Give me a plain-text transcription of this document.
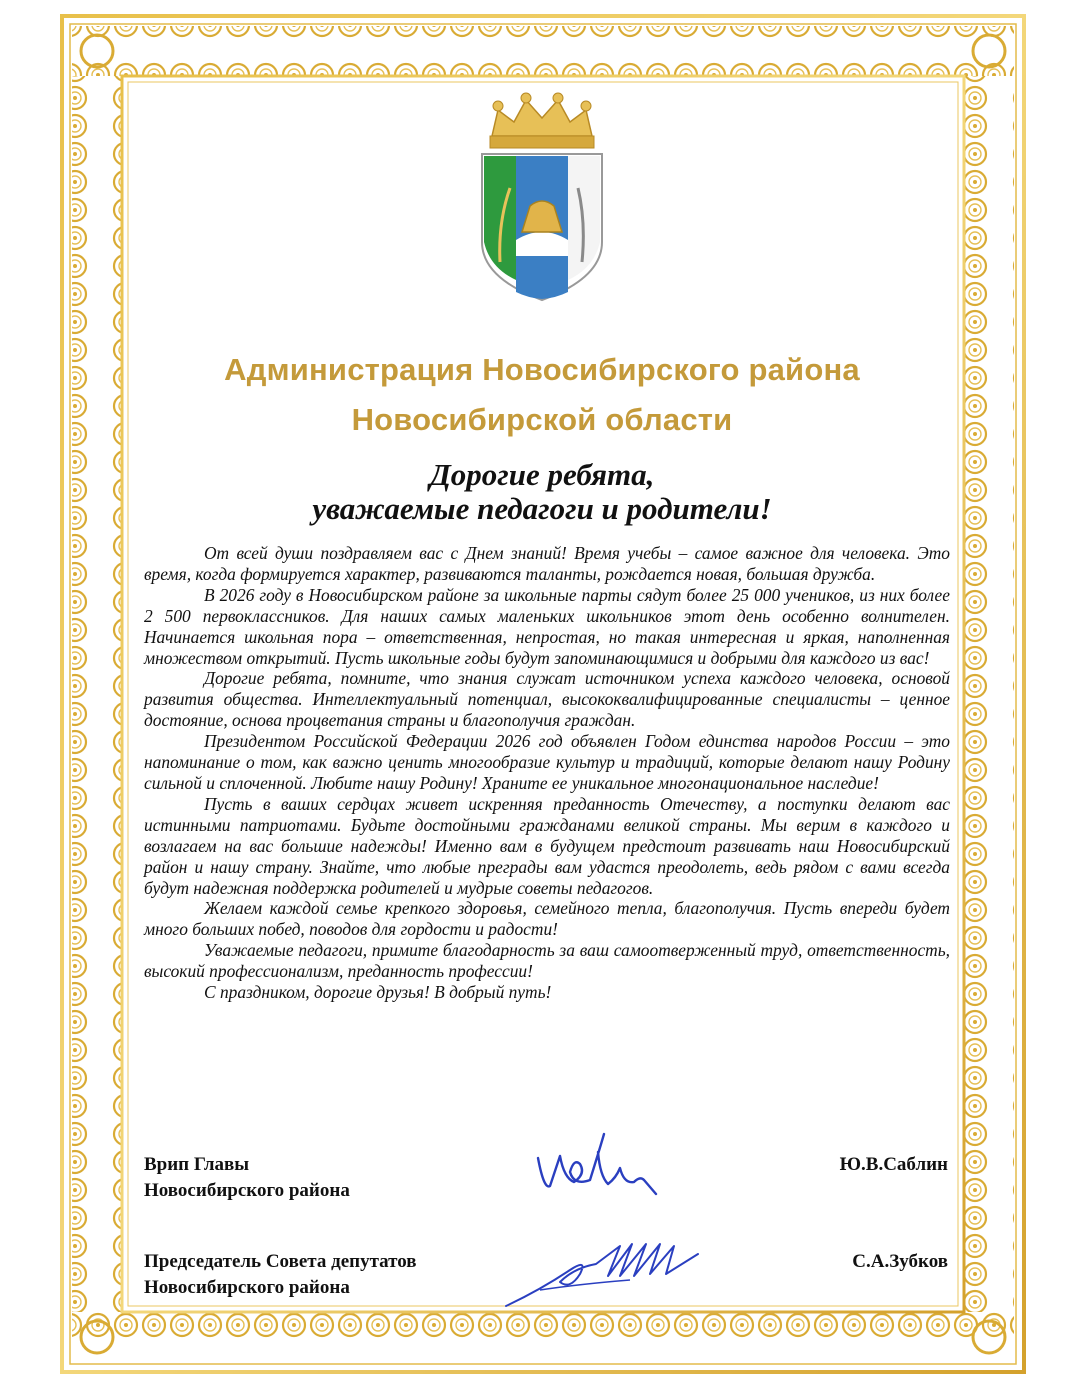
Администрация Новосибирского района
Новосибирской области
Дорогие ребята,
уважаемые педагоги и родители!

От всей души поздравляем вас с Днем знаний! Время учебы – самое важное для человека. Это время, когда формируется характер, развиваются таланты, рождается новая, большая дружба.

В 2026 году в Новосибирском районе за школьные парты сядут более 25 000 учеников, из них более 2 500 первоклассников. Для наших самых маленьких школьников этот день особенно волнителен. Начинается школьная пора – ответственная, непростая, но такая интересная и яркая, наполненная множеством открытий. Пусть школьные годы будут запоминающимися и добрыми для каждого из вас!

Дорогие ребята, помните, что знания служат источником успеха каждого человека, основой развития общества. Интеллектуальный потенциал, высококвалифицированные специалисты – ценное достояние, основа процветания страны и благополучия граждан.

Президентом Российской Федерации 2026 год объявлен Годом единства народов России – это напоминание о том, как важно ценить многообразие культур и традиций, которые делают нашу Родину сильной и сплоченной. Любите нашу Родину! Храните ее уникальное многонациональное наследие!

Пусть в ваших сердцах живет искренняя преданность Отечеству, а поступки делают вас истинными патриотами. Будьте достойными гражданами великой страны. Мы верим в каждого и возлагаем на вас большие надежды! Именно вам в будущем предстоит развивать наш Новосибирский район и нашу страну. Знайте, что любые преграды вам удастся преодолеть, ведь рядом с вами всегда будут надежная поддержка родителей и мудрые советы педагогов.

Желаем каждой семье крепкого здоровья, семейного тепла, благополучия. Пусть впереди будет много больших побед, поводов для гордости и радости!

Уважаемые педагоги, примите благодарность за ваш самоотверженный труд, ответственность, высокий профессионализм, преданность профессии!

С праздником, дорогие друзья! В добрый путь!

Врип Главы
Новосибирского района
Ю.В.Саблин
Председатель Совета депутатов
Новосибирского района
С.А.Зубков
